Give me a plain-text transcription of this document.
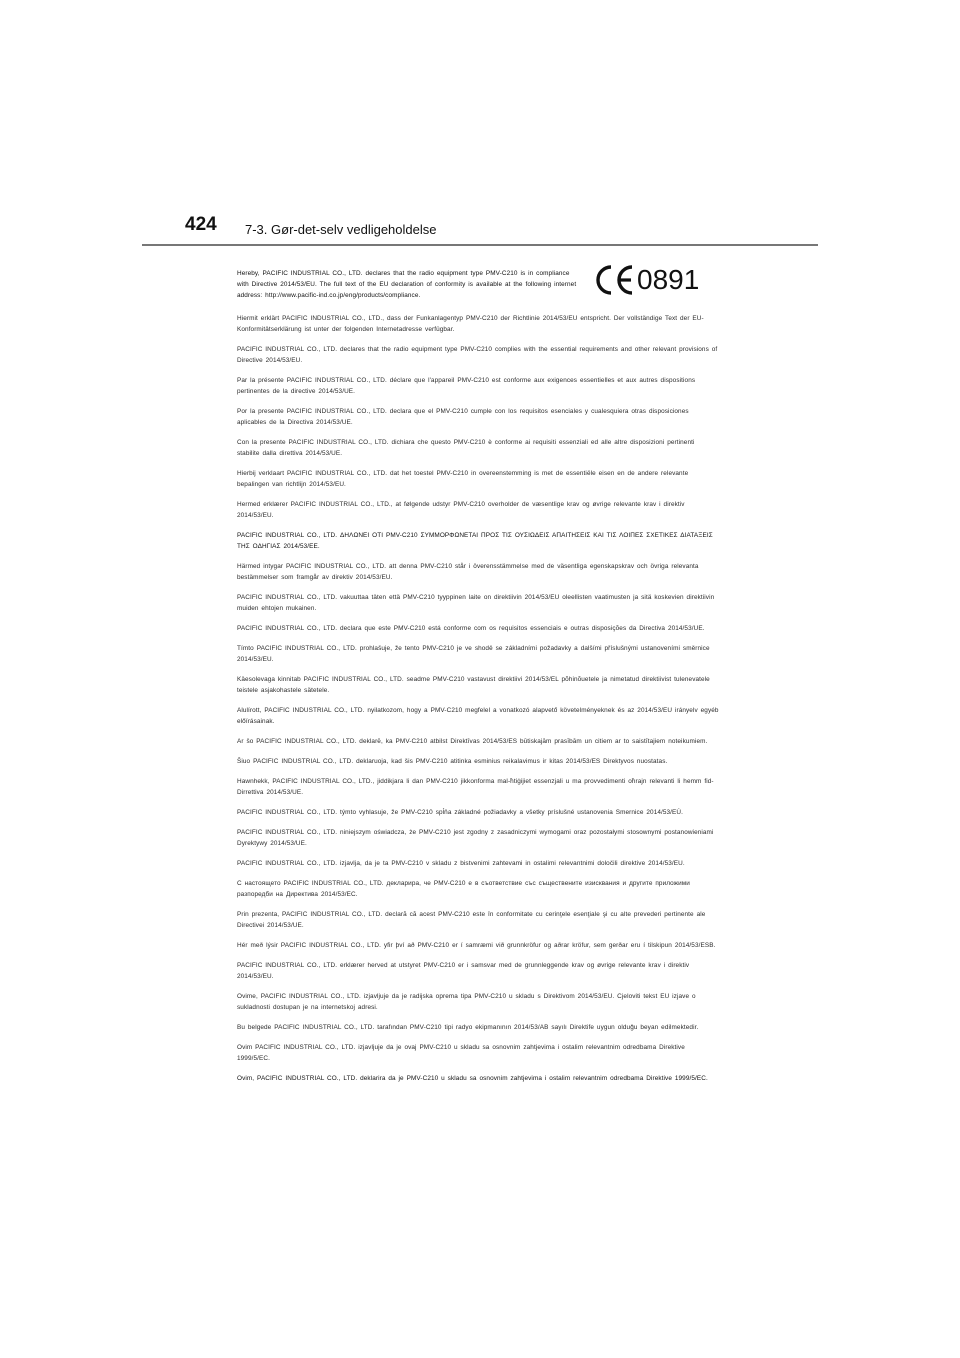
424 7-3. Gør-det-selv vedligeholdelse
0891

Hereby, PACIFIC INDUSTRIAL CO., LTD. declares that the radio equipment type PMV-C210 is in compliance with Directive 2014/53/EU. The full text of the EU declaration of conformity is available at the following internet address: http://www.pacific-ind.co.jp/eng/products/compliance.

Hiermit erklärt PACIFIC INDUSTRIAL CO., LTD., dass der Funkanlagentyp PMV-C210 der Richtlinie 2014/53/EU entspricht. Der vollständige Text der EU-Konformitätserklärung ist unter der folgenden Internetadresse verfügbar.

PACIFIC INDUSTRIAL CO., LTD. declares that the radio equipment type PMV-C210 complies with the essential requirements and other relevant provisions of Directive 2014/53/EU.

Par la présente PACIFIC INDUSTRIAL CO., LTD. déclare que l'appareil PMV-C210 est conforme aux exigences essentielles et aux autres dispositions pertinentes de la directive 2014/53/UE.

Por la presente PACIFIC INDUSTRIAL CO., LTD. declara que el PMV-C210 cumple con los requisitos esenciales y cualesquiera otras disposiciones aplicables de la Directiva 2014/53/UE.

Con la presente PACIFIC INDUSTRIAL CO., LTD. dichiara che questo PMV-C210 è conforme ai requisiti essenziali ed alle altre disposizioni pertinenti stabilite dalla direttiva 2014/53/UE.

Hierbij verklaart PACIFIC INDUSTRIAL CO., LTD. dat het toestel PMV-C210 in overeenstemming is met de essentiële eisen en de andere relevante bepalingen van richtlijn 2014/53/EU.

Hermed erklærer PACIFIC INDUSTRIAL CO., LTD., at følgende udstyr PMV-C210 overholder de væsentlige krav og øvrige relevante krav i direktiv 2014/53/EU.

PACIFIC INDUSTRIAL CO., LTD. ΔΗΛΩΝΕΙ ΟΤΙ PMV-C210 ΣΥΜΜΟΡΦΩΝΕΤΑΙ ΠΡΟΣ ΤΙΣ ΟΥΣΙΩΔΕΙΣ ΑΠΑΙΤΗΣΕΙΣ ΚΑΙ ΤΙΣ ΛΟΙΠΕΣ ΣΧΕΤΙΚΕΣ ΔΙΑΤΑΞΕΙΣ ΤΗΣ ΟΔΗΓΙΑΣ 2014/53/ΕΕ.

Härmed intygar PACIFIC INDUSTRIAL CO., LTD. att denna PMV-C210 står i överensstämmelse med de väsentliga egenskapskrav och övriga relevanta bestämmelser som framgår av direktiv 2014/53/EU.

PACIFIC INDUSTRIAL CO., LTD. vakuuttaa täten että PMV-C210 tyyppinen laite on direktiivin 2014/53/EU oleellisten vaatimusten ja sitä koskevien direktiivin muiden ehtojen mukainen.

PACIFIC INDUSTRIAL CO., LTD. declara que este PMV-C210 está conforme com os requisitos essenciais e outras disposições da Directiva 2014/53/UE.

Tímto PACIFIC INDUSTRIAL CO., LTD. prohlašuje, že tento PMV-C210 je ve shodě se základními požadavky a dalšími příslušnými ustanoveními směrnice 2014/53/EU.

Käesolevaga kinnitab PACIFIC INDUSTRIAL CO., LTD. seadme PMV-C210 vastavust direktiivi 2014/53/EL põhinõuetele ja nimetatud direktiivist tulenevatele teistele asjakohastele sätetele.

Alulírott, PACIFIC INDUSTRIAL CO., LTD. nyilatkozom, hogy a PMV-C210 megfelel a vonatkozó alapvető követelményeknek és az 2014/53/EU irányelv egyéb előírásainak.

Ar šo PACIFIC INDUSTRIAL CO., LTD. deklarē, ka PMV-C210 atbilst Direktīvas 2014/53/ES būtiskajām prasībām un citiem ar to saistītajiem noteikumiem.

Šiuo PACIFIC INDUSTRIAL CO., LTD. deklaruoja, kad šis PMV-C210 atitinka esminius reikalavimus ir kitas 2014/53/ES Direktyvos nuostatas.

Hawnhekk, PACIFIC INDUSTRIAL CO., LTD., jiddikjara li dan PMV-C210 jikkonforma mal-ħtiġijiet essenzjali u ma provvedimenti oħrajn relevanti li hemm fid-Dirrettiva 2014/53/UE.

PACIFIC INDUSTRIAL CO., LTD. týmto vyhlasuje, že PMV-C210 spĺňa základné požiadavky a všetky príslušné ustanovenia Smernice 2014/53/EÚ.

PACIFIC INDUSTRIAL CO., LTD. niniejszym oświadcza, że PMV-C210 jest zgodny z zasadniczymi wymogami oraz pozostałymi stosownymi postanowieniami Dyrektywy 2014/53/UE.

PACIFIC INDUSTRIAL CO., LTD. izjavlja, da je ta PMV-C210 v skladu z bistvenimi zahtevami in ostalimi relevantnimi določili direktive 2014/53/EU.

С настоящето PACIFIC INDUSTRIAL CO., LTD. декларира, че PMV-C210 е в съответствие със съществените изисквания и другите приложими разпоредби на Директива 2014/53/ЕС.

Prin prezenta, PACIFIC INDUSTRIAL CO., LTD. declară că acest PMV-C210 este în conformitate cu cerinţele esenţiale şi cu alte prevederi pertinente ale Directivei 2014/53/UE.

Hér með lýsir PACIFIC INDUSTRIAL CO., LTD. yfir því að PMV-C210 er í samræmi við grunnkröfur og aðrar kröfur, sem gerðar eru í tilskipun 2014/53/ESB.

PACIFIC INDUSTRIAL CO., LTD. erklærer herved at utstyret PMV-C210 er i samsvar med de grunnleggende krav og øvrige relevante krav i direktiv 2014/53/EU.

Ovime, PACIFIC INDUSTRIAL CO., LTD. izjavljuje da je radijska oprema tipa PMV-C210 u skladu s Direktivom 2014/53/EU. Cjeloviti tekst EU izjave o sukladnosti dostupan je na internetskoj adresi.

Bu belgede PACIFIC INDUSTRIAL CO., LTD. tarafından PMV-C210 tipi radyo ekipmanının 2014/53/AB sayılı Direktife uygun olduğu beyan edilmektedir.

Ovim PACIFIC INDUSTRIAL CO., LTD. izjavljuje da je ovaj PMV-C210 u skladu sa osnovnim zahtjevima i ostalim relevantnim odredbama Direktive 1999/5/EC.

Ovim, PACIFIC INDUSTRIAL CO., LTD. deklarira da je PMV-C210 u skladu sa osnovnim zahtjevima i ostalim relevantnim odredbama Direktive 1999/5/EC.
